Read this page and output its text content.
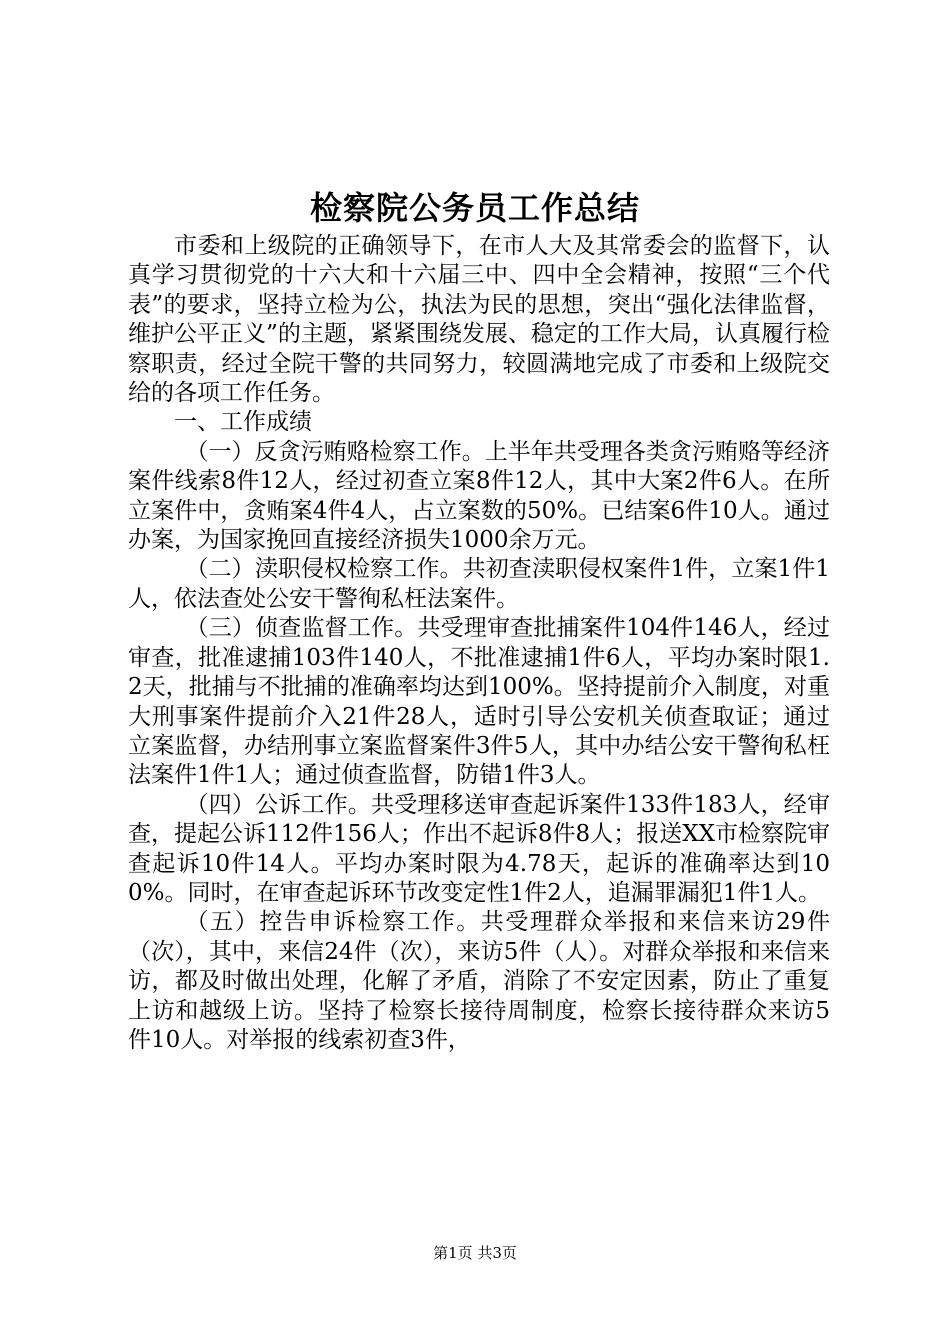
检察院公务员工作总结

市委和上级院的正确领导下，在市人大及其常委会的监督下，认真学习贯彻党的十六大和十六届三中、四中全会精神，按照“三个代表”的要求，坚持立检为公，执法为民的思想，突出“强化法律监督，维护公平正义”的主题，紧紧围绕发展、稳定的工作大局，认真履行检察职责，经过全院干警的共同努力，较圆满地完成了市委和上级院交给的各项工作任务。

一、工作成绩

（一）反贪污贿赂检察工作。上半年共受理各类贪污贿赂等经济案件线索8件12人，经过初查立案8件12人，其中大案2件6人。在所立案件中，贪贿案4件4人，占立案数的50%。已结案6件10人。通过办案，为国家挽回直接经济损失1000余万元。

（二）渎职侵权检察工作。共初查渎职侵权案件1件，立案1件1人，依法查处公安干警徇私枉法案件。

（三）侦查监督工作。共受理审查批捕案件104件146人，经过审查，批准逮捕103件140人，不批准逮捕1件6人，平均办案时限1.2天，批捕与不批捕的准确率均达到100%。坚持提前介入制度，对重大刑事案件提前介入21件28人，适时引导公安机关侦查取证；通过立案监督，办结刑事立案监督案件3件5人，其中办结公安干警徇私枉法案件1件1人；通过侦查监督，防错1件3人。

（四）公诉工作。共受理移送审查起诉案件133件183人，经审查，提起公诉112件156人；作出不起诉8件8人；报送XX市检察院审查起诉10件14人。平均办案时限为4.78天，起诉的准确率达到100%。同时，在审查起诉环节改变定性1件2人，追漏罪漏犯1件1人。

（五）控告申诉检察工作。共受理群众举报和来信来访29件（次），其中，来信24件（次），来访5件（人）。对群众举报和来信来访，都及时做出处理，化解了矛盾，消除了不安定因素，防止了重复上访和越级上访。坚持了检察长接待周制度，检察长接待群众来访5件10人。对举报的线索初查3件，

第1页 共3页
